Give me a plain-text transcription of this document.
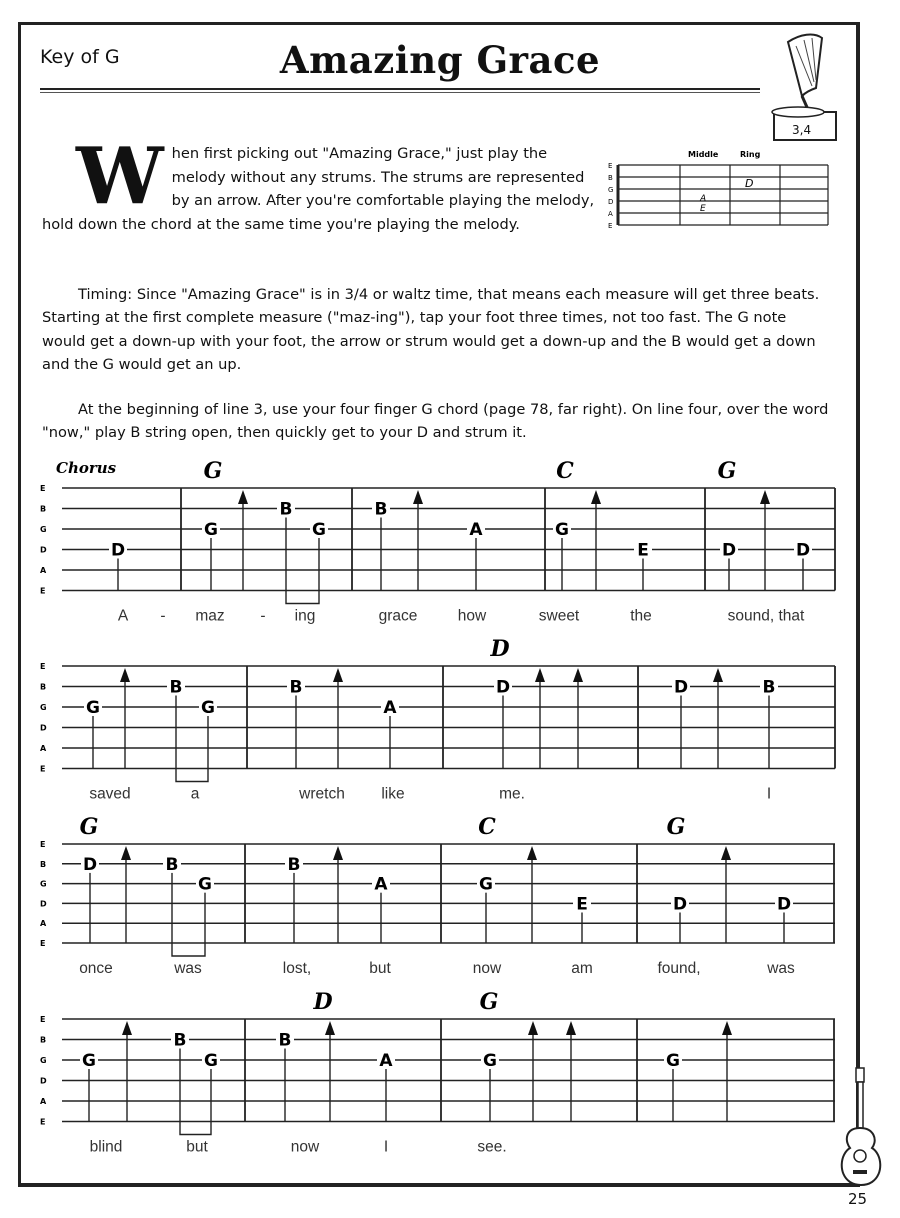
Key of G	Amazing Grace
3,4
W hen first picking out "Amazing Grace," just play the melody without any strums. The strums are represented by an arrow. After you're comfortable playing the melody, hold down the chord at the same time you're playing the melody.
Middle	Ring
E
B
G
D
A
E
D
A
E
Timing: Since "Amazing Grace" is in 3/4 or waltz time, that means each measure will get three beats. Starting at the first complete measure ("maz-ing"), tap your foot three times, not too fast. The G note would get a down-up with your foot, the arrow or strum would get a down-up and the B would get a down and the G would get an up.
At the beginning of line 3, use your four finger G chord (page 78, far right). On line four, over the word "now," play B string open, then quickly get to your D and strum it.
Chorus
E
B
G
D
A
E
G	C	G
D
G
B
G
B
A	G
E	D	D
A - maz - ing	grace	how	sweet	the	sound, that
E
B
G
D
A
E
D
G
B
G
B
A
D	D	B
saved	a	wretch like	me.	I
E
B
G
D
A
E
G	C	G
D	B
G
B
A	G
E	D	D
once	was	lost,	but	now	am	found,	was
E
B
G
D
A
E
D	G
G
B
G
B
A	G	G
blind	but	now	I	see.
25
